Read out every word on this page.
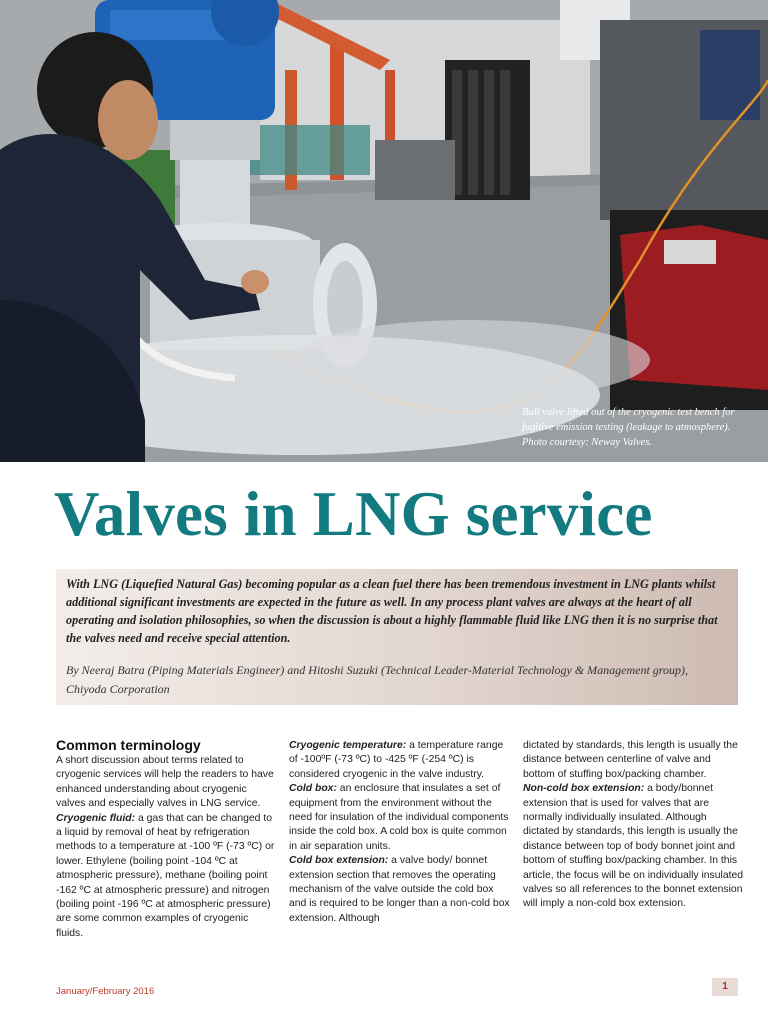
Ball valve lifted out of the cryogenic test bench for fugitive emission testing (leakage to atmosphere). Photo courtesy: Neway Valves.
Valves in LNG service

With LNG (Liquefied Natural Gas) becoming popular as a clean fuel there has been tremendous investment in LNG plants whilst additional significant investments are expected in the future as well. In any process plant valves are always at the heart of all operating and isolation philosophies, so when the discussion is about a highly flammable fluid like LNG then it is no surprise that the valves need and receive special attention.

By Neeraj Batra (Piping Materials Engineer) and Hitoshi Suzuki (Technical Leader-Material Technology & Management group), Chiyoda Corporation

Common terminology

A short discussion about terms related to cryogenic services will help the readers to have enhanced understanding about cryogenic valves and especially valves in LNG service.

Cryogenic fluid: a gas that can be changed to a liquid by removal of heat by refrigeration methods to a temperature at -100 ºF (-73 ºC) or lower. Ethylene (boiling point -104 ºC at atmospheric pressure), methane (boiling point -162 ºC at atmospheric pressure) and nitrogen (boiling point -196 ºC at atmospheric pressure) are some common examples of cryogenic fluids.

Cryogenic temperature: a temperature range of -100ºF (-73 ºC) to -425 ºF (-254 ºC) is considered cryogenic in the valve industry.

Cold box: an enclosure that insulates a set of equipment from the environment without the need for insulation of the individual components inside the cold box. A cold box is quite common in air separation units.

Cold box extension: a valve body/ bonnet extension section that removes the operating mechanism of the valve outside the cold box and is required to be longer than a non-cold box extension. Although

dictated by standards, this length is usually the distance between centerline of valve and bottom of stuffing box/packing chamber.

Non-cold box extension: a body/bonnet extension that is used for valves that are normally individually insulated. Although dictated by standards, this length is usually the distance between top of body bonnet joint and bottom of stuffing box/packing chamber. In this article, the focus will be on individually insulated valves so all references to the bonnet extension will imply a non-cold box extension.

January/February 2016	1
